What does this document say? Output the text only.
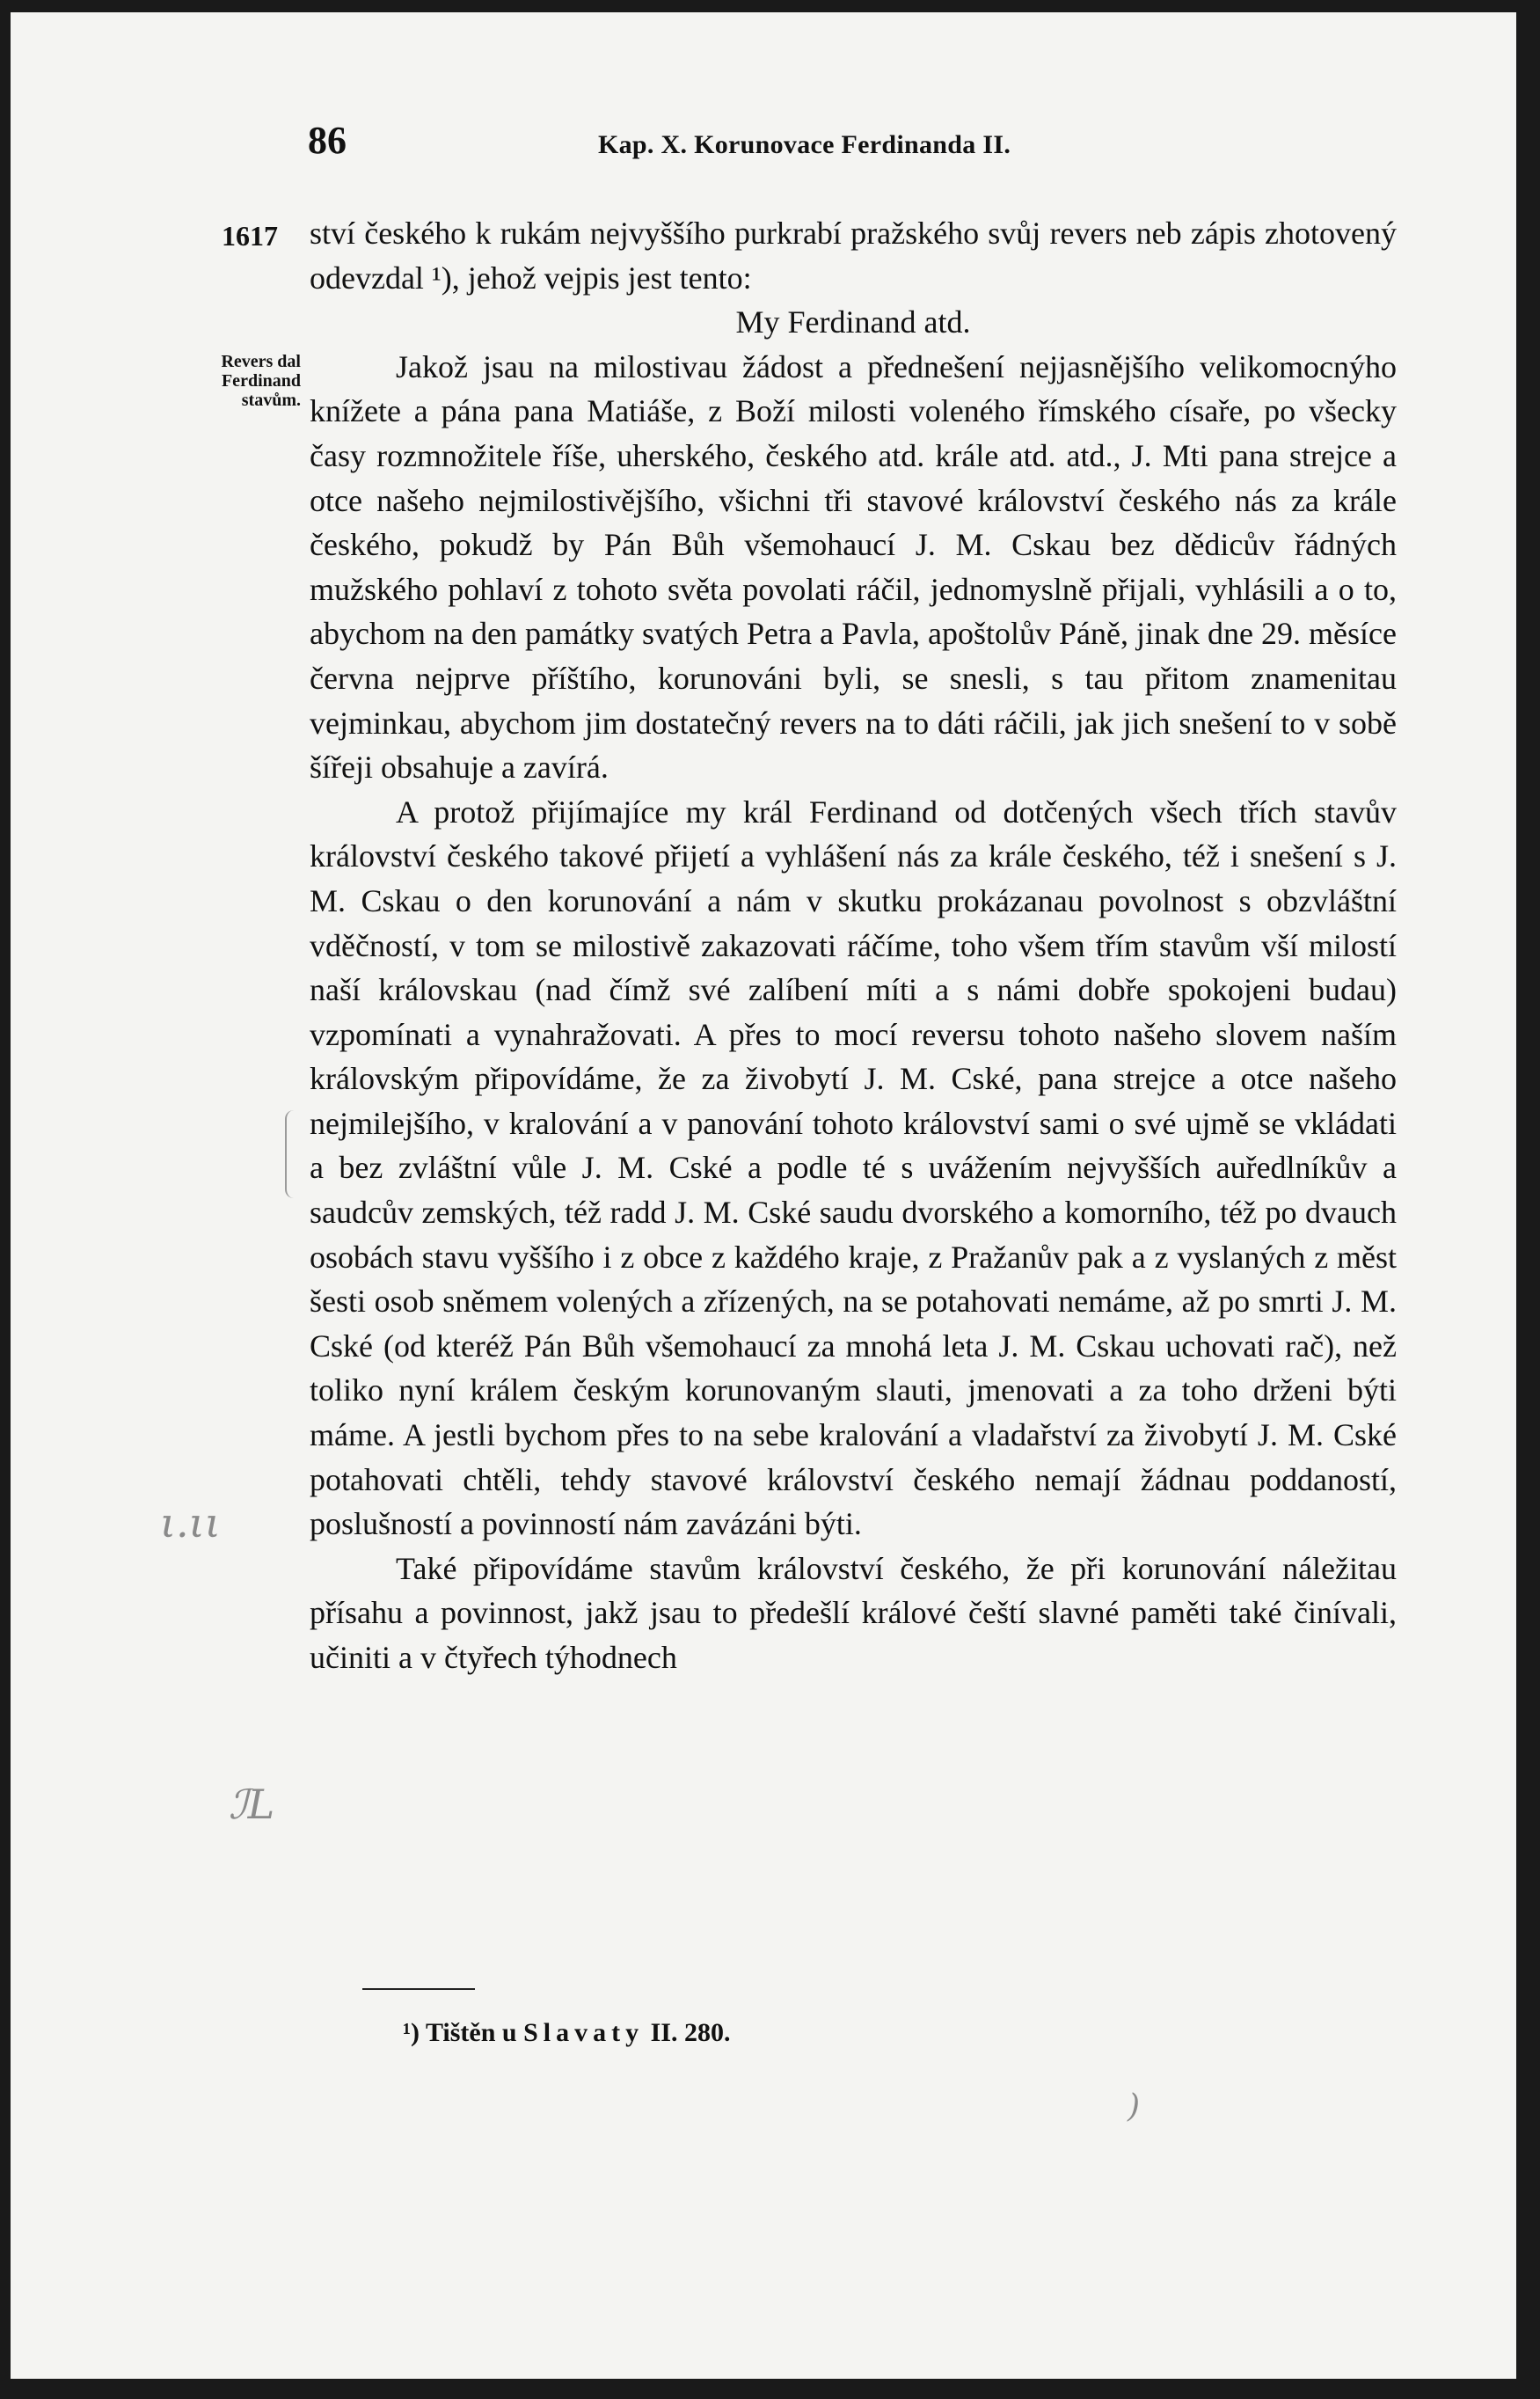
86	Kap. X. Korunovace Ferdinanda II.
1617
Revers dal Ferdinand stavům.

ství českého k rukám nejvyššího purkrabí pražského svůj revers neb zápis zhotovený odevzdal ¹), jehož vejpis jest tento:

My Ferdinand atd.

Jakož jsau na milostivau žádost a přednešení nejjasnějšího velikomocnýho knížete a pána pana Matiáše, z Boží milosti voleného římského císaře, po všecky časy rozmnožitele říše, uherského, českého atd. krále atd. atd., J. Mti pana strejce a otce našeho nejmilostivějšího, všichni tři stavové království českého nás za krále českého, pokudž by Pán Bůh všemohaucí J. M. Cskau bez dědicův řádných mužského pohlaví z tohoto světa povolati ráčil, jednomyslně přijali, vyhlásili a o to, abychom na den památky svatých Petra a Pavla, apoštolův Páně, jinak dne 29. měsíce června nejprve příštího, korunováni byli, se snesli, s tau přitom znamenitau vejminkau, abychom jim dostatečný revers na to dáti ráčili, jak jich snešení to v sobě šířeji obsahuje a zavírá.

A protož přijímajíce my král Ferdinand od dotčených všech třích stavův království českého takové přijetí a vyhlášení nás za krále českého, též i snešení s J. M. Cskau o den korunování a nám v skutku prokázanau povolnost s obzvláštní vděčností, v tom se milostivě zakazovati ráčíme, toho všem třím stavům vší milostí naší královskau (nad čímž své zalíbení míti a s námi dobře spokojeni budau) vzpomínati a vynahražovati. A přes to mocí reversu tohoto našeho slovem naším královským připovídáme, že za živobytí J. M. Cské, pana strejce a otce našeho nejmilejšího, v kralování a v panování tohoto království sami o své ujmě se vkládati a bez zvláštní vůle J. M. Cské a podle té s uvážením nejvyšších auředlníkův a saudcův zemských, též radd J. M. Cské saudu dvorského a komorního, též po dvauch osobách stavu vyššího i z obce z každého kraje, z Pražanův pak a z vyslaných z měst šesti osob sněmem volených a zřízených, na se potahovati nemáme, až po smrti J. M. Cské (od kteréž Pán Bůh všemohaucí za mnohá leta J. M. Cskau uchovati rač), než toliko nyní králem českým korunovaným slauti, jmenovati a za toho drženi býti máme. A jestli bychom přes to na sebe kralování a vladařství za živobytí J. M. Cské potahovati chtěli, tehdy stavové království českého nemají žádnau poddaností, poslušností a povinností nám zavázáni býti.

Také připovídáme stavům království českého, že při korunování náležitau přísahu a povinnost, jakž jsau to předešlí králové čeští slavné paměti také činívali, učiniti a v čtyřech týhodnech

¹) Tištěn u Slavaty II. 280.
ι.ιι
ℐL
)
